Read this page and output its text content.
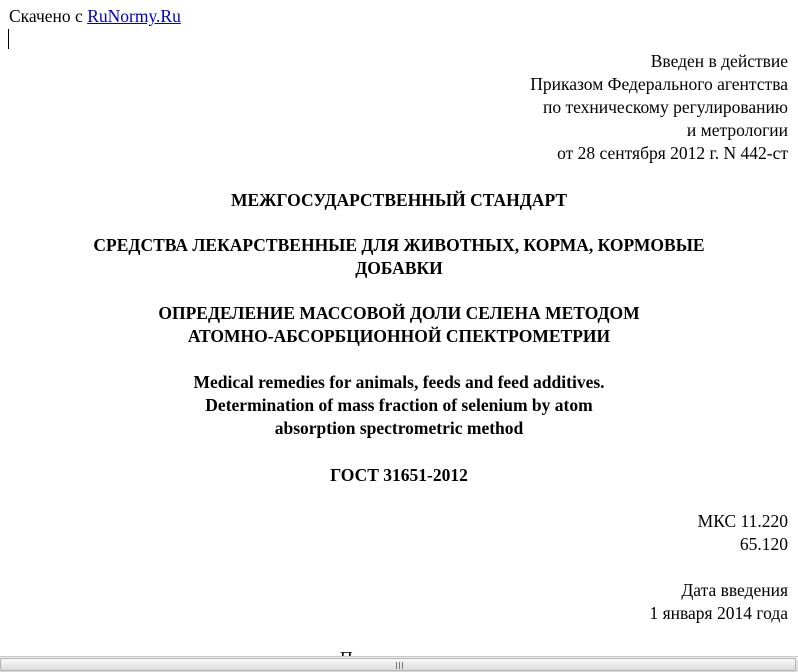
Скачено с RuNormy.Ru
Введен в действие
Приказом Федерального агентства
по техническому регулированию
и метрологии
от 28 сентября 2012 г. N 442-ст
МЕЖГОСУДАРСТВЕННЫЙ СТАНДАРТ
СРЕДСТВА ЛЕКАРСТВЕННЫЕ ДЛЯ ЖИВОТНЫХ, КОРМА, КОРМОВЫЕ
ДОБАВКИ
ОПРЕДЕЛЕНИЕ МАССОВОЙ ДОЛИ СЕЛЕНА МЕТОДОМ
АТОМНО-АБСОРБЦИОННОЙ СПЕКТРОМЕТРИИ
Medical remedies for animals, feeds and feed additives.
Determination of mass fraction of selenium by atom
absorption spectrometric method
ГОСТ 31651-2012
МКС 11.220
65.120
Дата введения
1 января 2014 года
